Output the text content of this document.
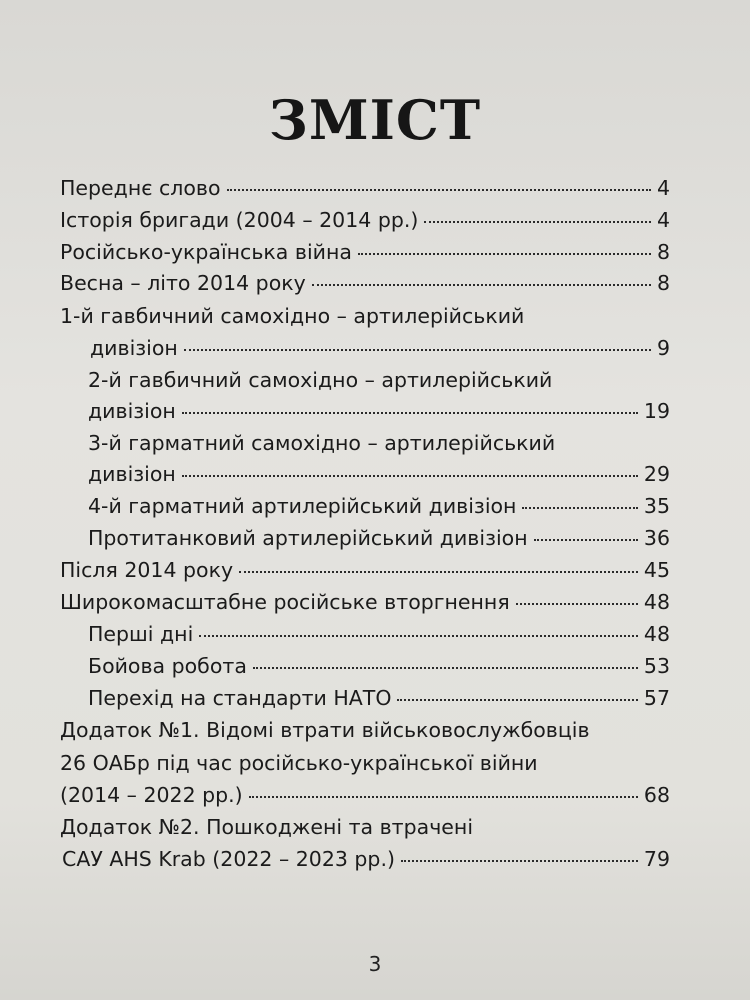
ЗМІСТ
Переднє слово	4
Історія бригади (2004 – 2014 рр.)	4
Російсько-українська війна	8
Весна – літо 2014 року	8
1-й гавбичний самохідно – артилерійський
дивізіон	9
2-й гавбичний самохідно – артилерійський
дивізіон	19
3-й гарматний самохідно – артилерійський
дивізіон	29
4-й гарматний артилерійський дивізіон	35
Протитанковий артилерійський дивізіон	36
Після 2014 року	45
Широкомасштабне російське вторгнення	48
Перші дні	48
Бойова робота	53
Перехід на стандарти НАТО	57
Додаток №1. Відомі втрати військовослужбовців
26 ОАБр під час російсько-української війни
(2014 – 2022 рр.)	68
Додаток №2. Пошкоджені та втрачені
САУ AHS Krab (2022 – 2023 рр.)	79
3
